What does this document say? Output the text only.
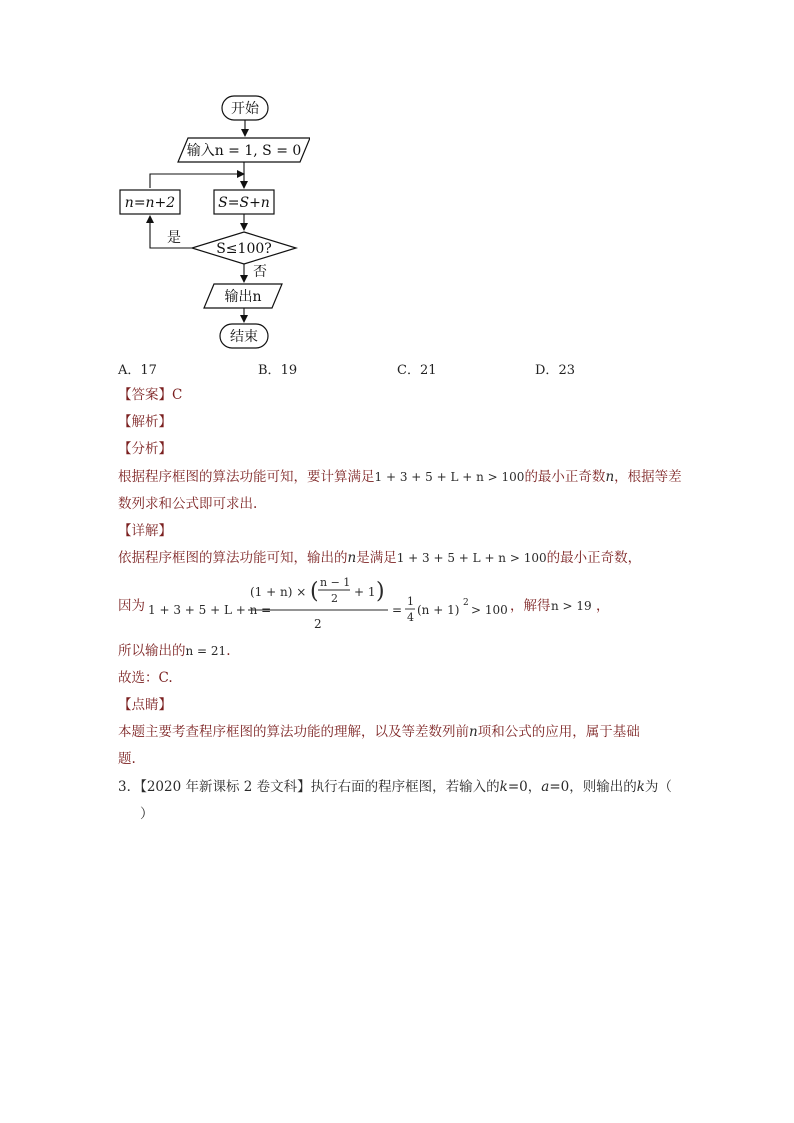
开始
输入n = 1, S = 0
n=n+2	S=S+n
S≤100?
是
否
输出n
结束
A．17	B．19	C．21	D．23
【答案】C
【解析】
【分析】
根据程序框图的算法功能可知，要计算满足1 + 3 + 5 + L + n > 100的最小正奇数n，根据等差
数列求和公式即可求出.
【详解】
依据程序框图的算法功能可知，输出的n是满足1 + 3 + 5 + L + n > 100的最小正奇数，
因为 1 + 3 + 5 + L + n =
(1 + n) × ( n − 1
2 + 1 )
2
=
1
4
(n + 1) 2 > 100 ，解得 n > 19 ，
所以输出的n = 21.
故选：C.
【点睛】
本题主要考查程序框图的算法功能的理解，以及等差数列前n项和公式的应用，属于基础
题.
3．【2020 年新课标 2 卷文科】执行右面的程序框图，若输入的k=0，a=0，则输出的k为（
）
